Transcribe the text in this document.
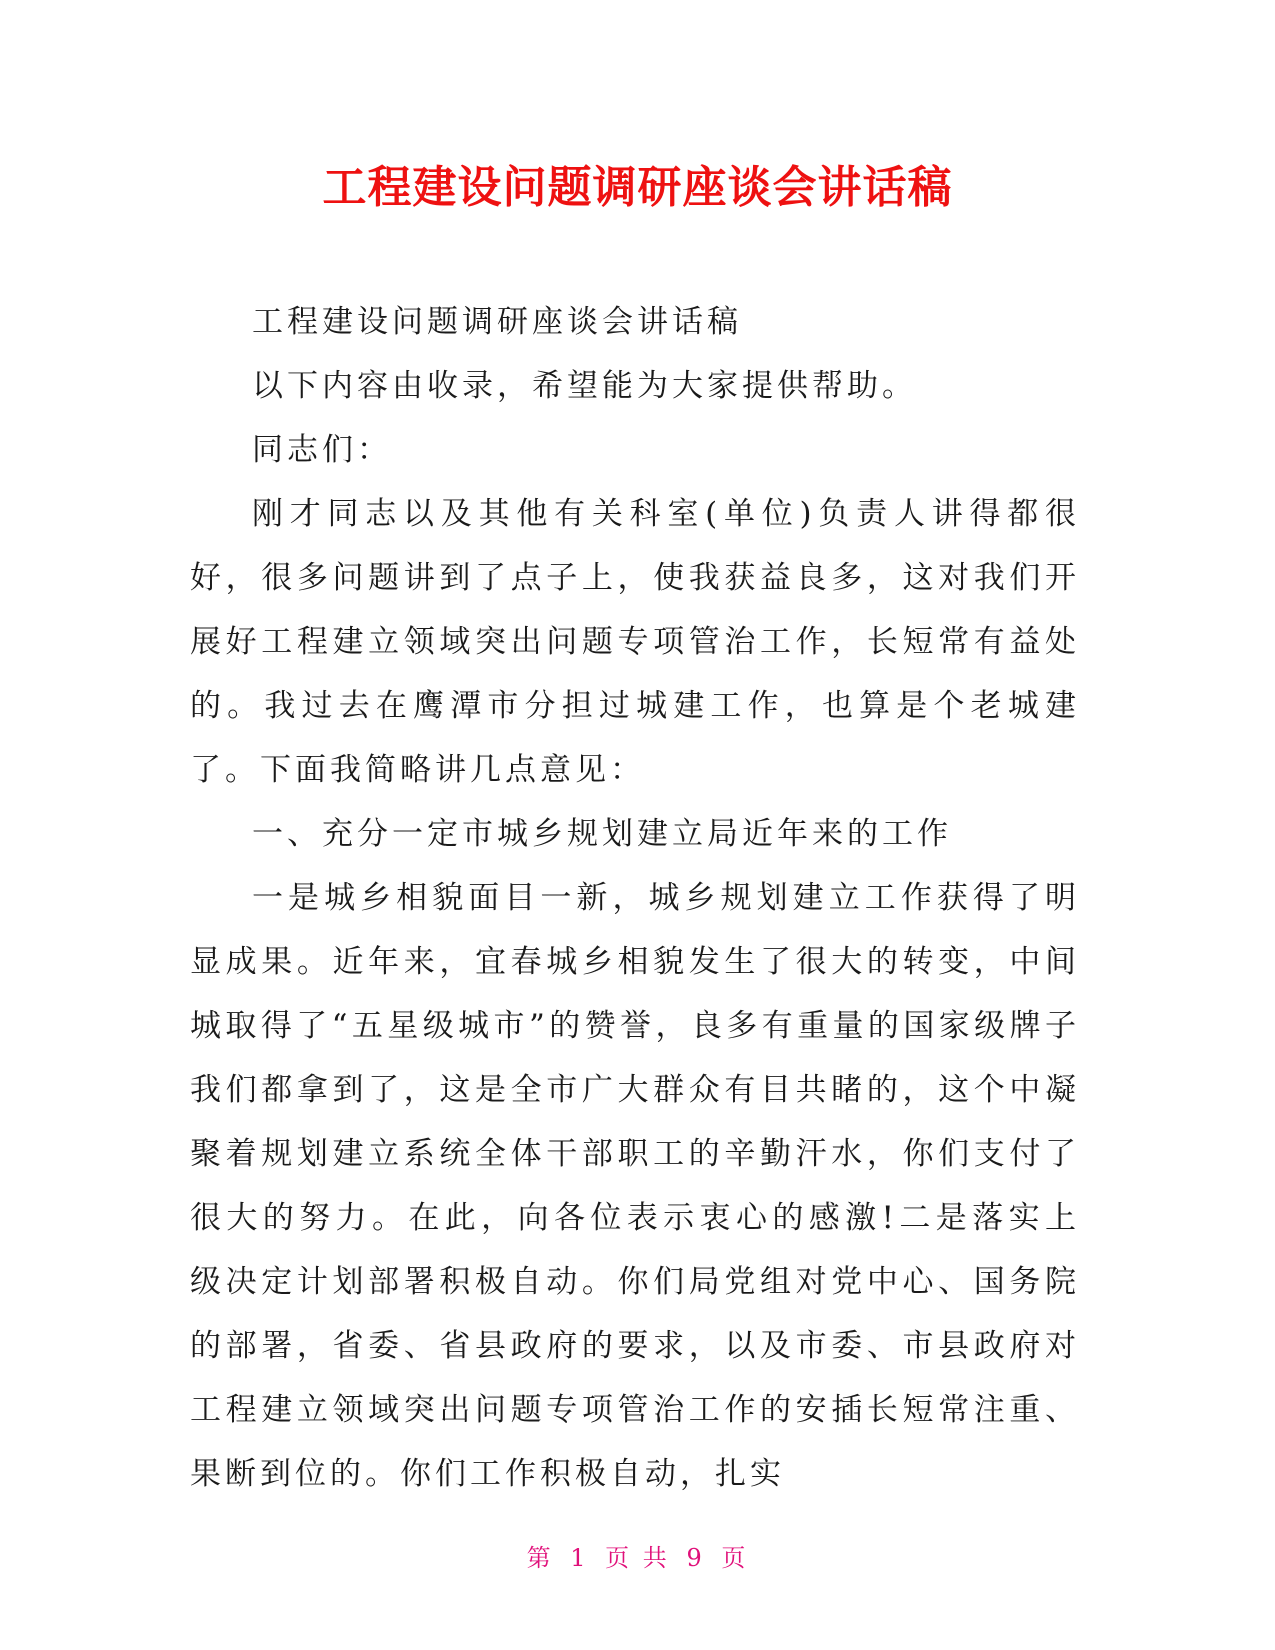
工程建设问题调研座谈会讲话稿

工程建设问题调研座谈会讲话稿

以下内容由收录，希望能为大家提供帮助。

同志们：

刚才同志以及其他有关科室(单位)负责人讲得都很好，很多问题讲到了点子上，使我获益良多，这对我们开展好工程建立领域突出问题专项管治工作，长短常有益处的。我过去在鹰潭市分担过城建工作，也算是个老城建了。下面我简略讲几点意见：

一、充分一定市城乡规划建立局近年来的工作

一是城乡相貌面目一新，城乡规划建立工作获得了明显成果。近年来，宜春城乡相貌发生了很大的转变，中间城取得了“五星级城市”的赞誉，良多有重量的国家级牌子我们都拿到了，这是全市广大群众有目共睹的，这个中凝聚着规划建立系统全体干部职工的辛勤汗水，你们支付了很大的努力。在此，向各位表示衷心的感激!二是落实上级决定计划部署积极自动。你们局党组对党中心、国务院的部署，省委、省县政府的要求，以及市委、市县政府对工程建立领域突出问题专项管治工作的安插长短常注重、果断到位的。你们工作积极自动，扎实

第 1 页 共 9 页
